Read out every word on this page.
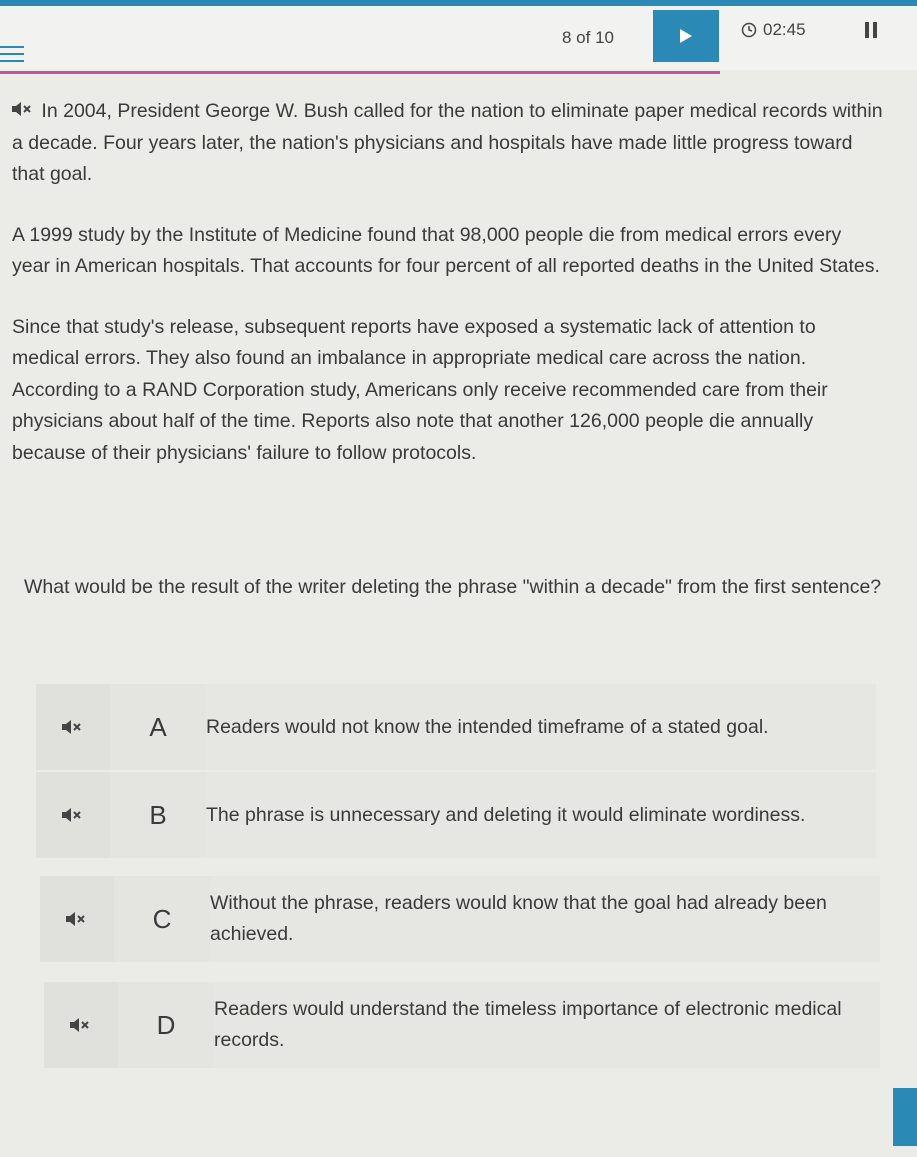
8 of 10	02:45

In 2004, President George W. Bush called for the nation to eliminate paper medical records within a decade. Four years later, the nation's physicians and hospitals have made little progress toward that goal.

A 1999 study by the Institute of Medicine found that 98,000 people die from medical errors every year in American hospitals. That accounts for four percent of all reported deaths in the United States.

Since that study's release, subsequent reports have exposed a systematic lack of attention to medical errors. They also found an imbalance in appropriate medical care across the nation. According to a RAND Corporation study, Americans only receive recommended care from their physicians about half of the time. Reports also note that another 126,000 people die annually because of their physicians' failure to follow protocols.

What would be the result of the writer deleting the phrase "within a decade" from the first sentence?
A	Readers would not know the intended timeframe of a stated goal.
B	The phrase is unnecessary and deleting it would eliminate wordiness.
C
Without the phrase, readers would know that the goal had already been achieved.
D
Readers would understand the timeless importance of electronic medical records.
